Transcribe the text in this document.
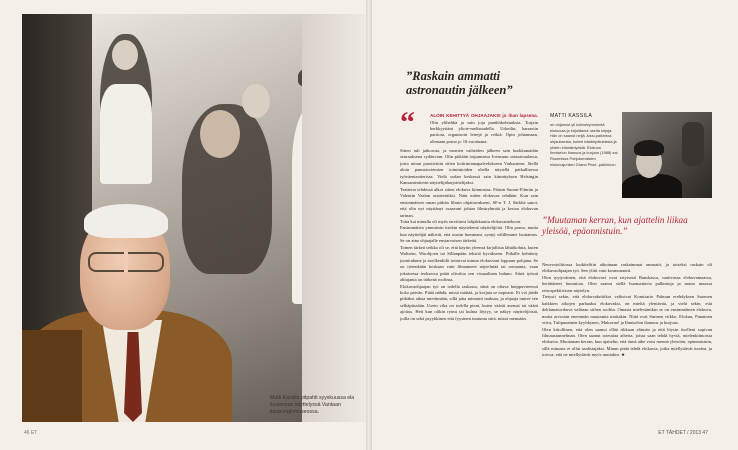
Matti Kassila pitpahti syyskuussa ela kuvienssa näyttelyssä Vantaan kaupunginmuseossa.
46 ET
”Raskain ammatti astronautin jälkeen”
“	ALOIN KEHITTYÄ OHJAAJAKSI jo ihan lapsena. Olin ylihehkä ja sain joja panikhkohtauksia. Torjain herkkyyttäni yliote-melisuudella. Urheilin, harrastin partiota, organisoin leirejä ja retkiä. Opin johtamaan, olemaan pomo jo 16-vuotiaana.

Sitten tuli jatkosota, ja monien vaiheiden jälkeen sain kurkkumädän seurauksena sydänvian. Olin pitkään toipumassa Joensuun sotasairaalassa, josta minut passitettiin sitten kotirintamapalvelukseen Varkauteen. Siellä aloin pannaisviemien toimintoiden ohella näytellä paikallisessa työväenteatterissa. Vielä sodan keskessä sain kiinnityksen Helsingin Kansanteatterin näyttelijäharjoittelijaksi.

Teatteria tehdessä alkoi sitten elokuva kiinnostaa. Pääsin Suomi-Filmiin ja Valentin Vaalan assistentiksi. Näin miten elokuvaa tehdään. Kun sain ensimmäisen oman pitkän filmin ohjattavakseni, SF:n T. J. Särkkä sanoi, että olin nyt näyttänyt osaavani johtaa filmiryhmää ja kertoa elokuvan tarinan.

Totta kai minulla oli myös tarvittava lahjakkuutta elokuvantekoon.

Ensimmäisin ymmärsin itsekin näyttelemä näyttelijöitä. Olin pomo, mutta kun näyttelijät näkivät, että osasin hommani, syntyi välillemme luottamus. Se on aina ohjaajalle ensiarvoisen tärkeää.

Toinen tärkeä seikka oli se, että käytin yleensä kirjallisia lähtökohtia, kuten Waltarin, Wuolijoen tai Sillanpään tekstiä hyväkseen. Pitkälle kehittety juoniraknne ja noolkenkilit toimivat minun elokuviani loppuun pohjana. Se on tietenkään koskaan vain filmanneet näytelmää tai romaania, vaan jokaisessa teoksessa pitää olivaloa sen visuaalinen hahmo. Siinä työssä alttajanta on tärkeää roolinsa.

Elokuvaohjaajan työ on todella raskasta, siinä on oltava huippuvireessä koko päivän. Pitää nähdä, missä mättää, ja korjata se nopeasti. Ei voi jäädä pitkäksi aikaa miettimään, sillä joka minuutti maksaa, ja ohjaaja tuntee sen selkäpiissään. Usein vika on todella pieni, kuten väärät asemat tai väärä ajoitus. Heti kun olikin rytmi tai kulma löytyy, se näkyy näyttelijöistä, joilla on sekä psyykkinen että fyysinen tuntuma siitä, missä mennään.

MATTI KASSILA
on ohjannut yli kolmekymmentä elokuvaa ja kirjoittanut useita kirjoja. Hän on saanut neljä Jussi-palkintoa ohjauksesta, kolme käsikirjoituksista ja yhden elämäntyöstä. Elokuva Ihmiselon ihanuus ja kurjuus (1988) sai Rouenissa Pohjoismaisten elokuvajuhlien Grand Prize -palkinnon.
”Muutaman kerran, kun ajattelin liikaa yleisöä, epäonnistuin.”

Neuvostoliitossa luokiteltiin aikoinaan raskaimmat ammatit, ja toiseksi raskain oli elokuvaohjaajan työ. Sen ylitti vain kosmonautti.

Olen tyytyväinen, että elokuvavi ovat eriyisesti Ranskassa, vaativassa elokuvamaassa, herättäneet huomiota. Olen saanut siellä huomattavia palkintoja ja muun muassa retrospektiivisen näytelyn.

Tietysti sekin, että elokuvakriitikot valitsivat Komisario Palmun erehdyksen Suomen kaikkien aikojen parhaaksi elokuvaksi, on mieltä ylentävää, ja vielä sekin, että deklamatorikuva valitaan siihen rooliin. Omasta mielestänikin se on ensimmäinen elokuva, mutta arvostan enemmän muutamia muitakin. Niitä ovat Sininen viikko, Elokuu, Punainen viiva, Tulipunainen kyyhkynen, Mukavaa! ja Ihmiselon ihanuus ja kurjuus.

Olen kiitollinen, että olen saanut ellää rikkaan elämän ja että löysin itselleni sopivan filmaustunnelman. Olen saanut toteuttaa aiheita, joista saan tehdä hyviä, mielenkiintoisia elokuvia. Muutaman kerran, kun ajattelin, että tämä aihe voisi mennä yleisöön, epäonnistuin, sillä minusta ei ollut saalistajaksi. Minun pitää tehdä elokuvia, jotka miellyttävät itseäni, ja toivoa, että ne miellyttävät myös muitakin. ★

ET TÄHDET / 2013 47
